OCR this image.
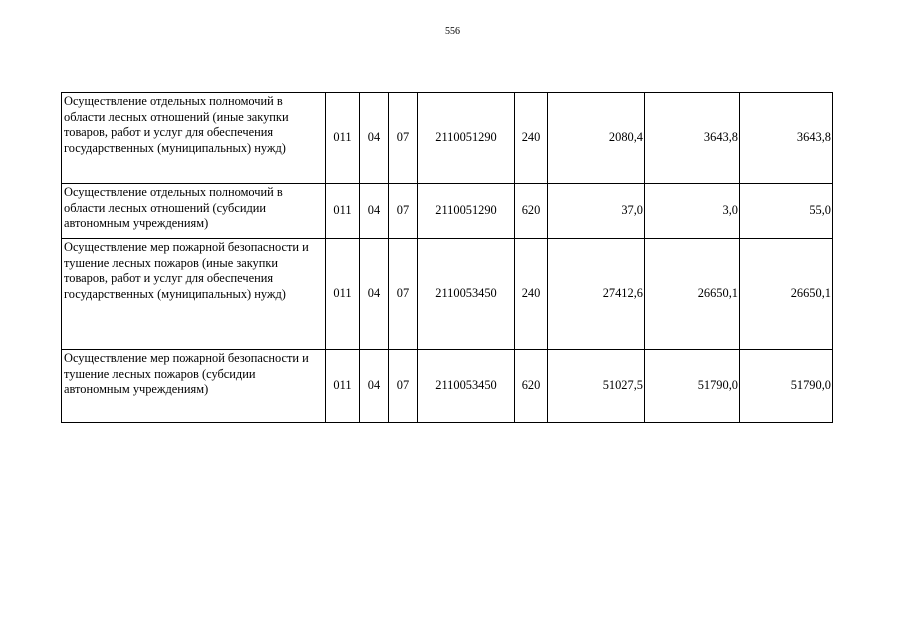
556
Осуществление отдельных полномочий в области лесных отношений (иные закупки товаров, работ и услуг для обеспечения государственных (муниципальных) нужд)	011	04	07	2110051290	240	2080,4	3643,8	3643,8
Осуществление отдельных полномочий в области лесных отношений (субсидии автономным учреждениям)	011	04	07	2110051290	620	37,0	3,0	55,0
Осуществление мер пожарной безопасности и тушение лесных пожаров (иные закупки товаров, работ и услуг для обеспечения государственных (муниципальных) нужд)	011	04	07	2110053450	240	27412,6	26650,1	26650,1
Осуществление мер пожарной безопасности и тушение лесных пожаров (субсидии автономным учреждениям)	011	04	07	2110053450	620	51027,5	51790,0	51790,0
